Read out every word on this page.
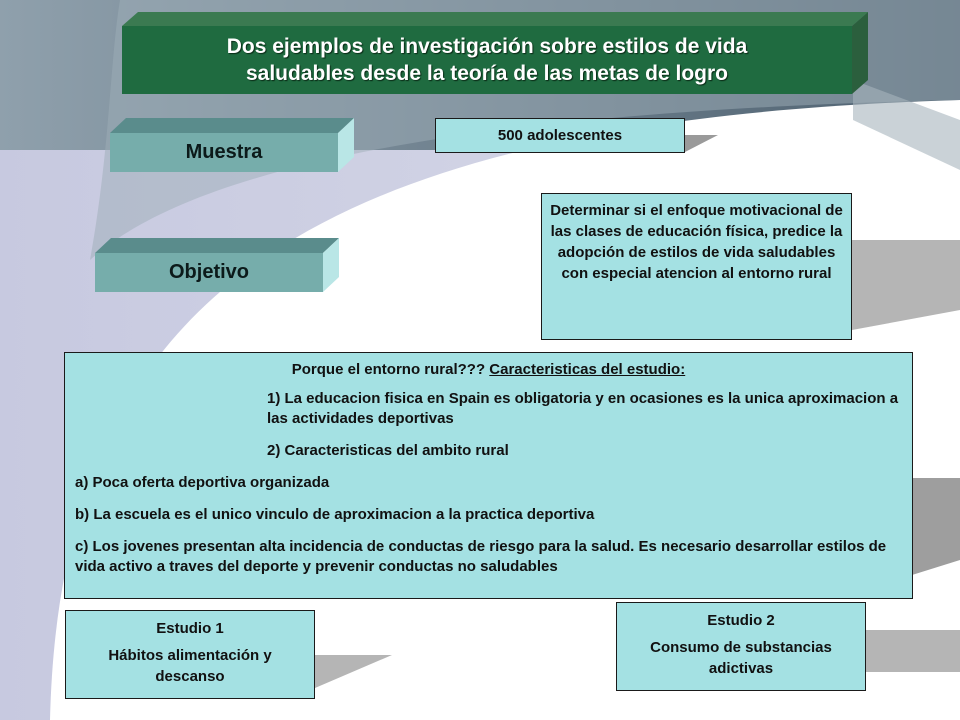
Dos ejemplos de investigación sobre estilos de vida

saludables desde la teoría de las metas de logro

Muestra
Objetivo
500 adolescentes
Determinar si el enfoque motivacional de las clases de educación física, predice la adopción de estilos de vida saludables con especial atencion al entorno rural

Porque el entorno rural??? Caracteristicas del estudio:

1) La educacion fisica en Spain es obligatoria y en ocasiones es la unica aproximacion a las actividades deportivas

2) Caracteristicas del ambito rural

a) Poca oferta deportiva organizada

b) La escuela es el unico vinculo de aproximacion a la practica deportiva

c) Los jovenes presentan alta incidencia de conductas de riesgo para la salud. Es necesario desarrollar estilos de vida activo a traves del deporte y prevenir conductas no saludables

Estudio 1

Hábitos alimentación y descanso

Estudio 2

Consumo de substancias adictivas
